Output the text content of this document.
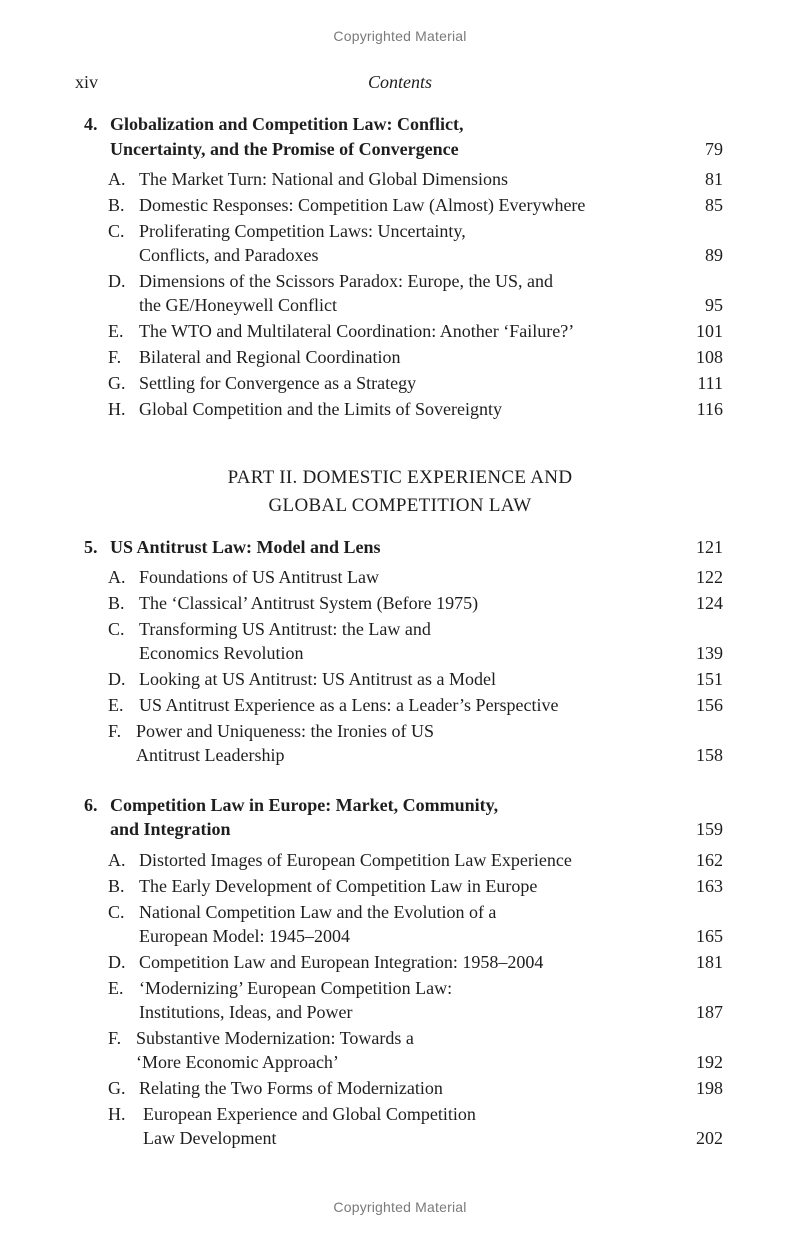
Copyrighted Material
xiv	Contents
4. Globalization and Competition Law: Conflict,
Uncertainty, and the Promise of Convergence	79
A. The Market Turn: National and Global Dimensions	81
B. Domestic Responses: Competition Law (Almost) Everywhere	85
C. Proliferating Competition Laws: Uncertainty,
Conflicts, and Paradoxes	89
D. Dimensions of the Scissors Paradox: Europe, the US, and
the GE/Honeywell Conflict	95
E. The WTO and Multilateral Coordination: Another ‘Failure?’	101
F. Bilateral and Regional Coordination	108
G. Settling for Convergence as a Strategy	111
H. Global Competition and the Limits of Sovereignty	116
PART II. DOMESTIC EXPERIENCE AND
GLOBAL COMPETITION LAW
5. US Antitrust Law: Model and Lens	121
A. Foundations of US Antitrust Law	122
B. The ‘Classical’ Antitrust System (Before 1975)	124
C. Transforming US Antitrust: the Law and
Economics Revolution	139
D. Looking at US Antitrust: US Antitrust as a Model	151
E. US Antitrust Experience as a Lens: a Leader’s Perspective	156
F. Power and Uniqueness: the Ironies of US
Antitrust Leadership	158
6. Competition Law in Europe: Market, Community,
and Integration	159
A. Distorted Images of European Competition Law Experience	162
B. The Early Development of Competition Law in Europe	163
C. National Competition Law and the Evolution of a
European Model: 1945–2004	165
D. Competition Law and European Integration: 1958–2004	181
E. ‘Modernizing’ European Competition Law:
Institutions, Ideas, and Power	187
F. Substantive Modernization: Towards a
‘More Economic Approach’	192
G. Relating the Two Forms of Modernization	198
H. European Experience and Global Competition
Law Development	202
Copyrighted Material
